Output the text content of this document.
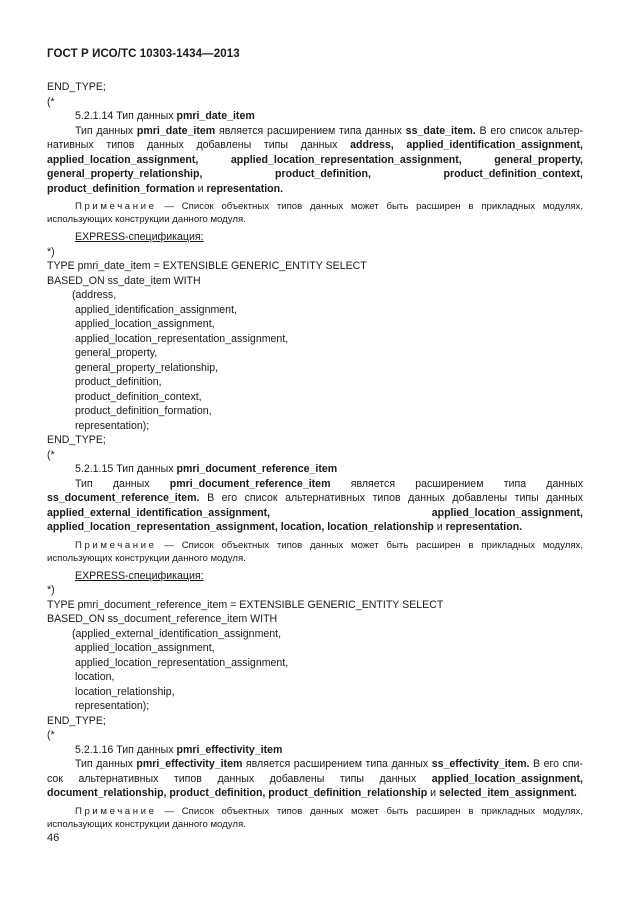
ГОСТ Р ИСО/ТС 10303-1434—2013
END_TYPE;
(*
5.2.1.14 Тип данных pmri_date_item

Тип данных pmri_date_item является расширением типа данных ss_date_item. В его список альтер-нативных типов данных добавлены типы данных address, applied_identification_assignment, applied_location_assignment, applied_location_representation_assignment, general_property, general_property_relationship, product_definition, product_definition_context, product_definition_formation и representation.

Примечание — Список объектных типов данных может быть расширен в прикладных модулях, использующих конструкции данного модуля.

EXPRESS-спецификация:
*)
TYPE pmri_date_item = EXTENSIBLE GENERIC_ENTITY SELECT
BASED_ON ss_date_item WITH
(address,
applied_identification_assignment,
applied_location_assignment,
applied_location_representation_assignment,
general_property,
general_property_relationship,
product_definition,
product_definition_context,
product_definition_formation,
representation);
END_TYPE;
(*
5.2.1.15 Тип данных pmri_document_reference_item

Тип данных pmri_document_reference_item является расширением типа данных ss_document_reference_item. В его список альтернативных типов данных добавлены типы данных applied_external_identification_assignment, applied_location_assignment, applied_location_representation_assignment, location, location_relationship и representation.

Примечание — Список объектных типов данных может быть расширен в прикладных модулях, использующих конструкции данного модуля.

EXPRESS-спецификация:
*)
TYPE pmri_document_reference_item = EXTENSIBLE GENERIC_ENTITY SELECT
BASED_ON ss_document_reference_item WITH
(applied_external_identification_assignment,
applied_location_assignment,
applied_location_representation_assignment,
location,
location_relationship,
representation);
END_TYPE;
(*
5.2.1.16 Тип данных pmri_effectivity_item

Тип данных pmri_effectivity_item является расширением типа данных ss_effectivity_item. В его спи-сок альтернативных типов данных добавлены типы данных applied_location_assignment, document_relationship, product_definition, product_definition_relationship и selected_item_assignment.

Примечание — Список объектных типов данных может быть расширен в прикладных модулях, использующих конструкции данного модуля.

46
